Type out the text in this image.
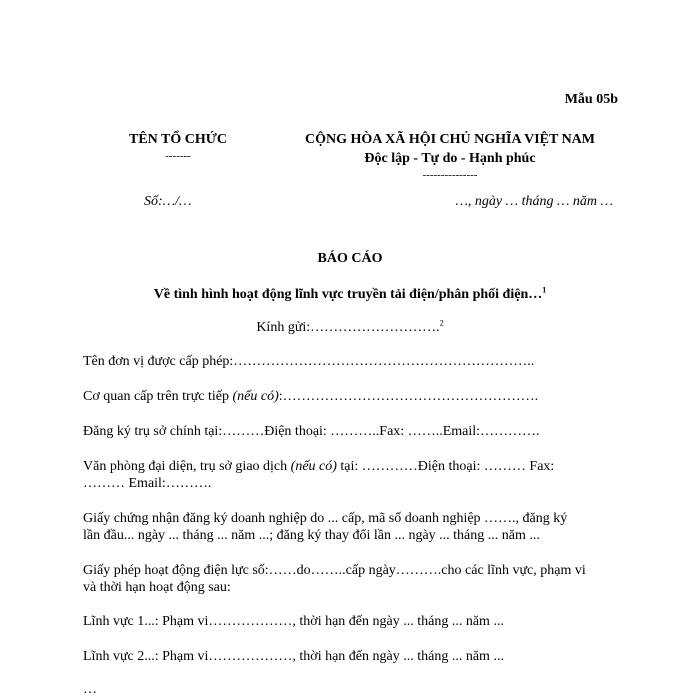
Mẫu 05b
TÊN TỔ CHỨC
-------
CỘNG HÒA XÃ HỘI CHỦ NGHĨA VIỆT NAM
Độc lập - Tự do - Hạnh phúc
---------------
Số:…/…	…, ngày … tháng … năm …
BÁO CÁO
Về tình hình hoạt động lĩnh vực truyền tải điện/phân phối điện…$^1$
Kính gửi:……………………….$^2$
Tên đơn vị được cấp phép:………………………………………………………..
Cơ quan cấp trên trực tiếp (nếu có):……………………………………………….
Đăng ký trụ sở chính tại:………Điện thoại: ………..Fax: ……..Email:………….
Văn phòng đại diện, trụ sở giao dịch (nếu có) tại: …………Điện thoại: ……… Fax:
……… Email:……….
Giấy chứng nhận đăng ký doanh nghiệp do ... cấp, mã số doanh nghiệp ……., đăng ký
lần đầu... ngày ... tháng ... năm ...; đăng ký thay đổi lần ... ngày ... tháng ... năm ...
Giấy phép hoạt động điện lực số:……do……..cấp ngày……….cho các lĩnh vực, phạm vi
và thời hạn hoạt động sau:
Lĩnh vực 1...: Phạm vi………………, thời hạn đến ngày ... tháng ... năm ...
Lĩnh vực 2...: Phạm vi………………, thời hạn đến ngày ... tháng ... năm ...
…
